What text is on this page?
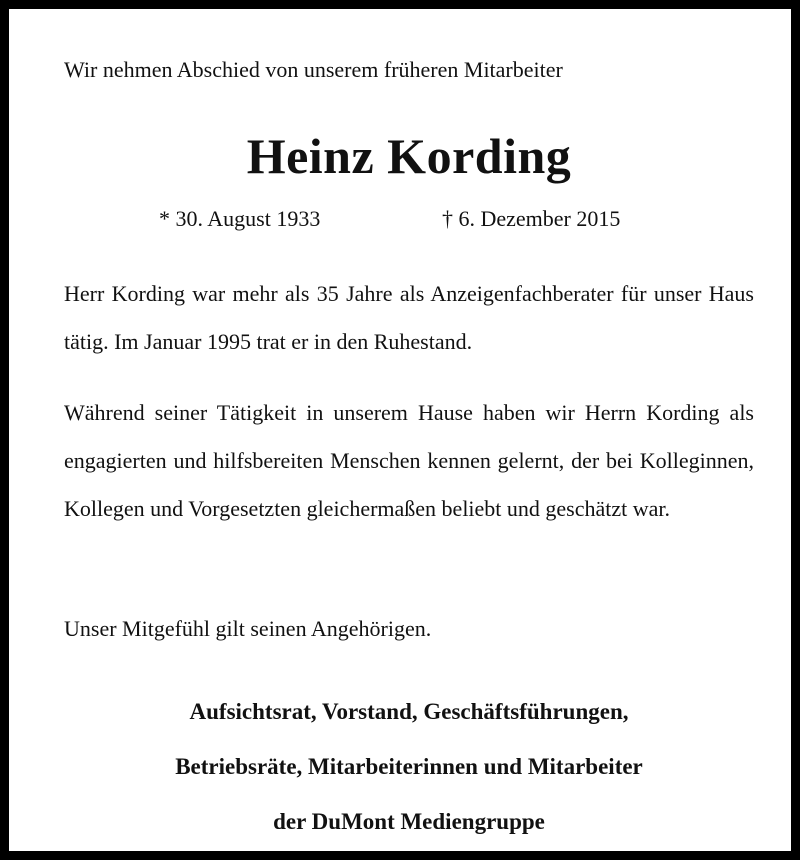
Wir nehmen Abschied von unserem früheren Mitarbeiter
Heinz Kording
* 30. August 1933	† 6. Dezember 2015
Herr Kording war mehr als 35 Jahre als Anzeigenfachberater für unser Haus tätig. Im Januar 1995 trat er in den Ruhestand.
Während seiner Tätigkeit in unserem Hause haben wir Herrn Kording als engagierten und hilfsbereiten Menschen kennen gelernt, der bei Kolleginnen, Kollegen und Vorgesetzten gleichermaßen beliebt und geschätzt war.
Unser Mitgefühl gilt seinen Angehörigen.
Aufsichtsrat, Vorstand, Geschäftsführungen,
Betriebsräte, Mitarbeiterinnen und Mitarbeiter
der DuMont Mediengruppe
